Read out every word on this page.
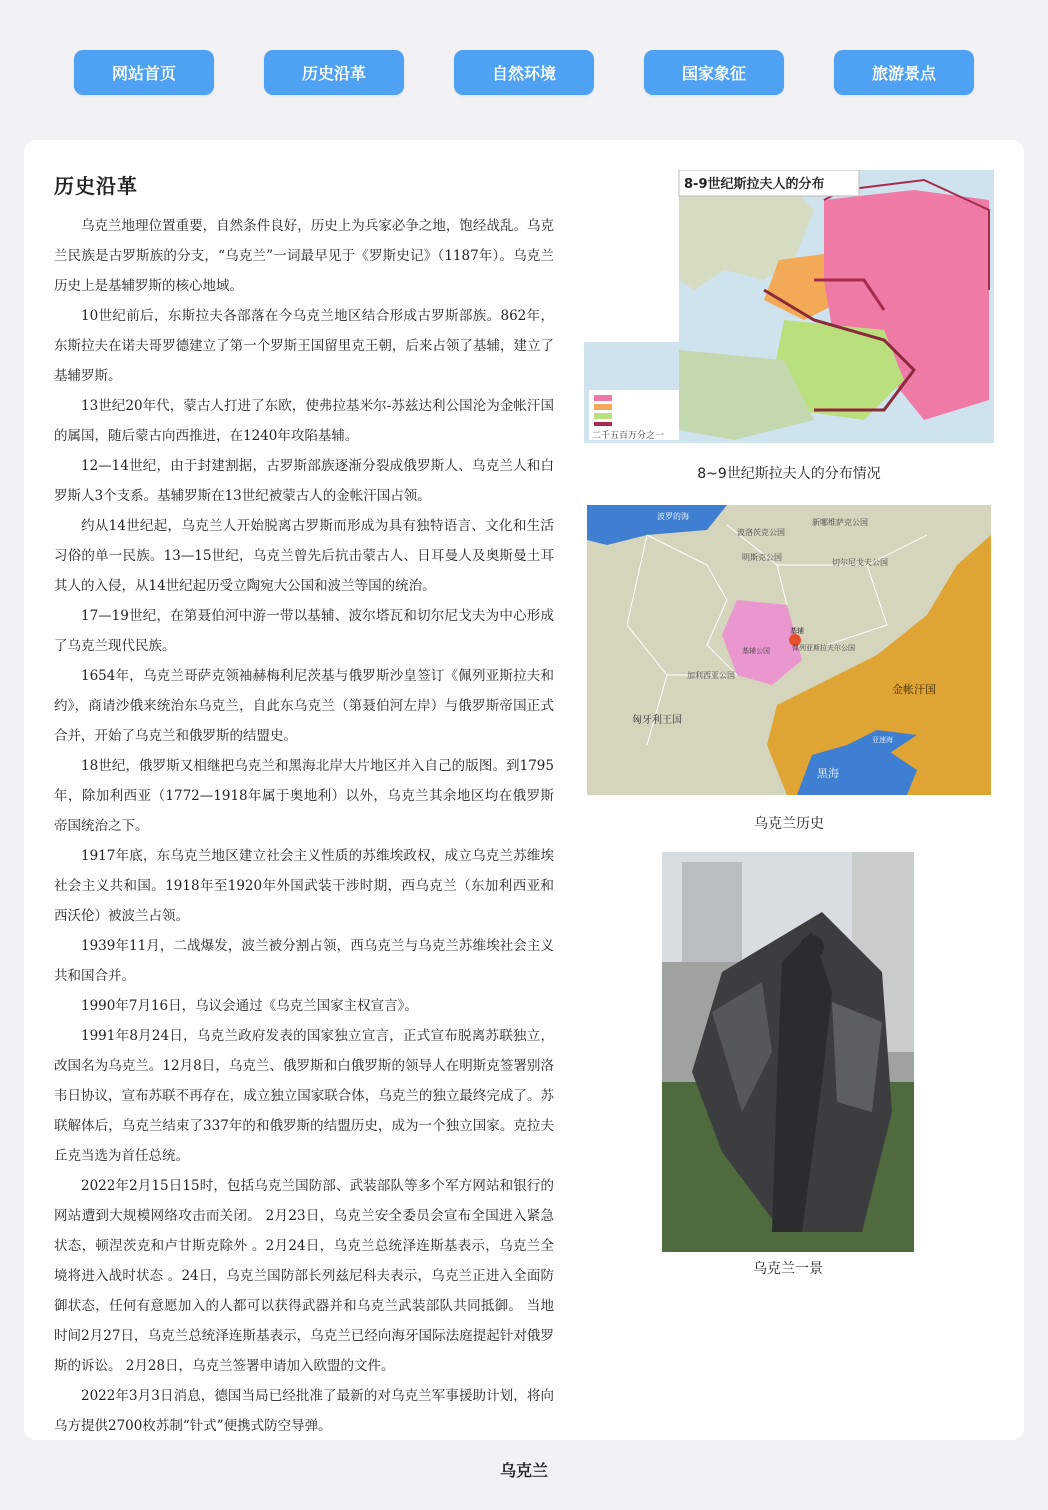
网站首页	历史沿革	自然环境	国家象征	旅游景点
历史沿革

乌克兰地理位置重要，自然条件良好，历史上为兵家必争之地，饱经战乱。乌克兰民族是古罗斯族的分支，“乌克兰”一词最早见于《罗斯史记》（1187年）。乌克兰历史上是基辅罗斯的核心地域。

10世纪前后，东斯拉夫各部落在今乌克兰地区结合形成古罗斯部族。862年，东斯拉夫在诺夫哥罗德建立了第一个罗斯王国留里克王朝，后来占领了基辅，建立了基辅罗斯。

13世纪20年代，蒙古人打进了东欧，使弗拉基米尔-苏兹达利公国沦为金帐汗国的属国，随后蒙古向西推进，在1240年攻陷基辅。

12—14世纪，由于封建割据，古罗斯部族逐渐分裂成俄罗斯人、乌克兰人和白罗斯人3个支系。基辅罗斯在13世纪被蒙古人的金帐汗国占领。

约从14世纪起，乌克兰人开始脱离古罗斯而形成为具有独特语言、文化和生活习俗的单一民族。13—15世纪，乌克兰曾先后抗击蒙古人、日耳曼人及奥斯曼土耳其人的入侵，从14世纪起历受立陶宛大公国和波兰等国的统治。

17—19世纪，在第聂伯河中游一带以基辅、波尔塔瓦和切尔尼戈夫为中心形成了乌克兰现代民族。

1654年，乌克兰哥萨克领袖赫梅利尼茨基与俄罗斯沙皇签订《佩列亚斯拉夫和约》，商请沙俄来统治东乌克兰，自此东乌克兰（第聂伯河左岸）与俄罗斯帝国正式合并，开始了乌克兰和俄罗斯的结盟史。

18世纪，俄罗斯又相继把乌克兰和黑海北岸大片地区并入自己的版图。到1795年，除加利西亚（1772—1918年属于奥地利）以外，乌克兰其余地区均在俄罗斯帝国统治之下。

1917年底，东乌克兰地区建立社会主义性质的苏维埃政权，成立乌克兰苏维埃社会主义共和国。1918年至1920年外国武装干涉时期，西乌克兰（东加利西亚和西沃伦）被波兰占领。

1939年11月，二战爆发，波兰被分割占领，西乌克兰与乌克兰苏维埃社会主义共和国合并。

1990年7月16日，乌议会通过《乌克兰国家主权宣言》。

1991年8月24日，乌克兰政府发表的国家独立宣言，正式宣布脱离苏联独立，改国名为乌克兰。12月8日，乌克兰、俄罗斯和白俄罗斯的领导人在明斯克签署别洛韦日协议，宣布苏联不再存在，成立独立国家联合体，乌克兰的独立最终完成了。苏联解体后，乌克兰结束了337年的和俄罗斯的结盟历史，成为一个独立国家。克拉夫丘克当选为首任总统。

2022年2月15日15时，包括乌克兰国防部、武装部队等多个军方网站和银行的网站遭到大规模网络攻击而关闭。 2月23日，乌克兰安全委员会宣布全国进入紧急状态，顿涅茨克和卢甘斯克除外 。2月24日，乌克兰总统泽连斯基表示，乌克兰全境将进入战时状态 。24日，乌克兰国防部长列兹尼科夫表示，乌克兰正进入全面防御状态，任何有意愿加入的人都可以获得武器并和乌克兰武装部队共同抵御。 当地时间2月27日，乌克兰总统泽连斯基表示，乌克兰已经向海牙国际法庭提起针对俄罗斯的诉讼。 2月28日，乌克兰签署申请加入欧盟的文件。

2022年3月3日消息，德国当局已经批准了最新的对乌克兰军事援助计划，将向乌方提供2700枚苏制“针式”便携式防空导弹。

8-9世纪斯拉夫人的分布
二千五百万分之一
8~9世纪斯拉夫人的分布情况
波罗的海
波洛茨克公国
新哪维萨克公国
明斯克公国
切尔尼戈夫公国
佩列亚斯拉夫尔公国
基辅
基辅公国
加利西亚公国
匈牙利王国
金帐汗国
黑海
亚速海
乌克兰历史
乌克兰一景
乌克兰
